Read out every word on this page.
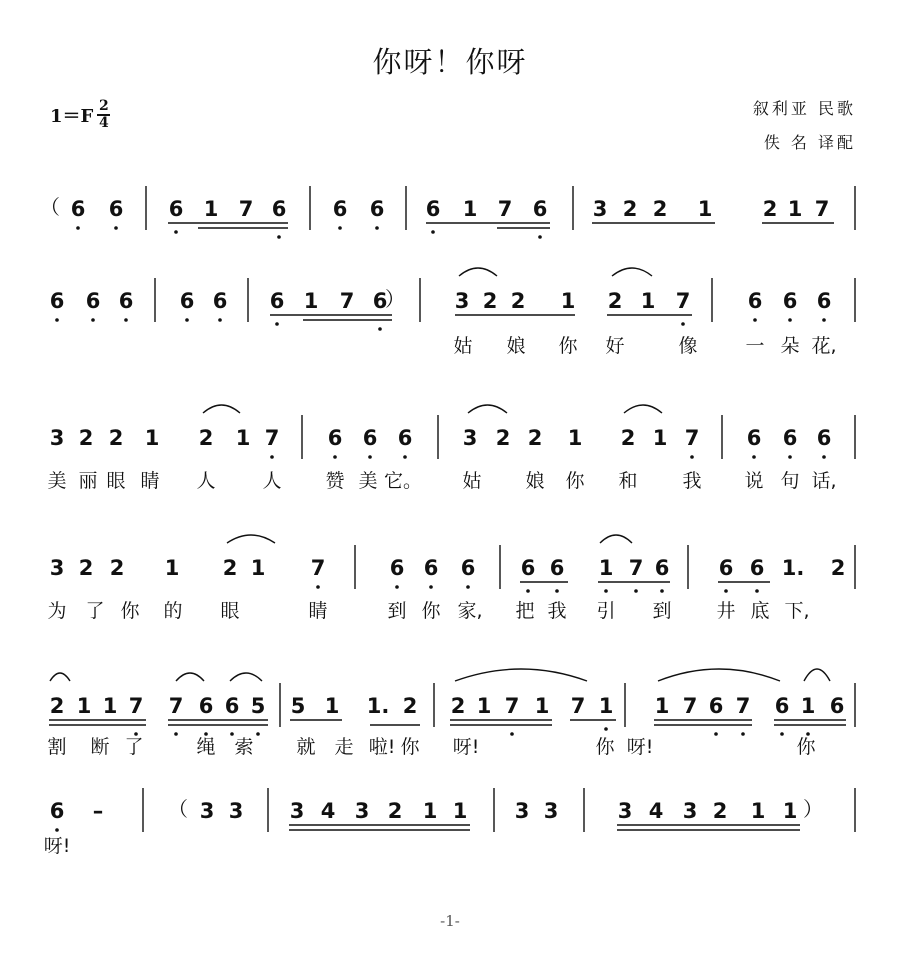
你呀！你呀
$1=F \frac{2}{4}$	叙利亚 民歌
佚 名 译配
（ 6 6 6 1 7 6 6 6 6 1 7 6 3 2 2 1 2 1 7
）
6 6 6 6 6 6 1 7 6	3 2 2 1 2 1 7	6 6 6
姑 娘 你 好	像	一 朵 花,
3 2 2 1 2 1 7 6 6 6 3 2 2 1 2 1 7 6 6 6
美 丽 眼 睛 人 人 赞 美 它。 姑 娘 你 和 我 说 句 话,
3 2 2 1 2 1 7	6 6 6 6 6 1 7 6 6 6 1. 2
为 了 你 的 眼	睛	到 你 家, 把 我 引 到 井 底 下,
2 1 1 7 7 6 6 5 5 1 1. 2 2 1 7 1 7 1 1 7 6 7 6 1 6
割 断 了	绳 索 就 走 啦! 你 呀!	你 呀!	你
（	）
6 –	3 3 3 4 3 2 1 1 3 3	3 4 3 2 1 1
呀!
-1-
